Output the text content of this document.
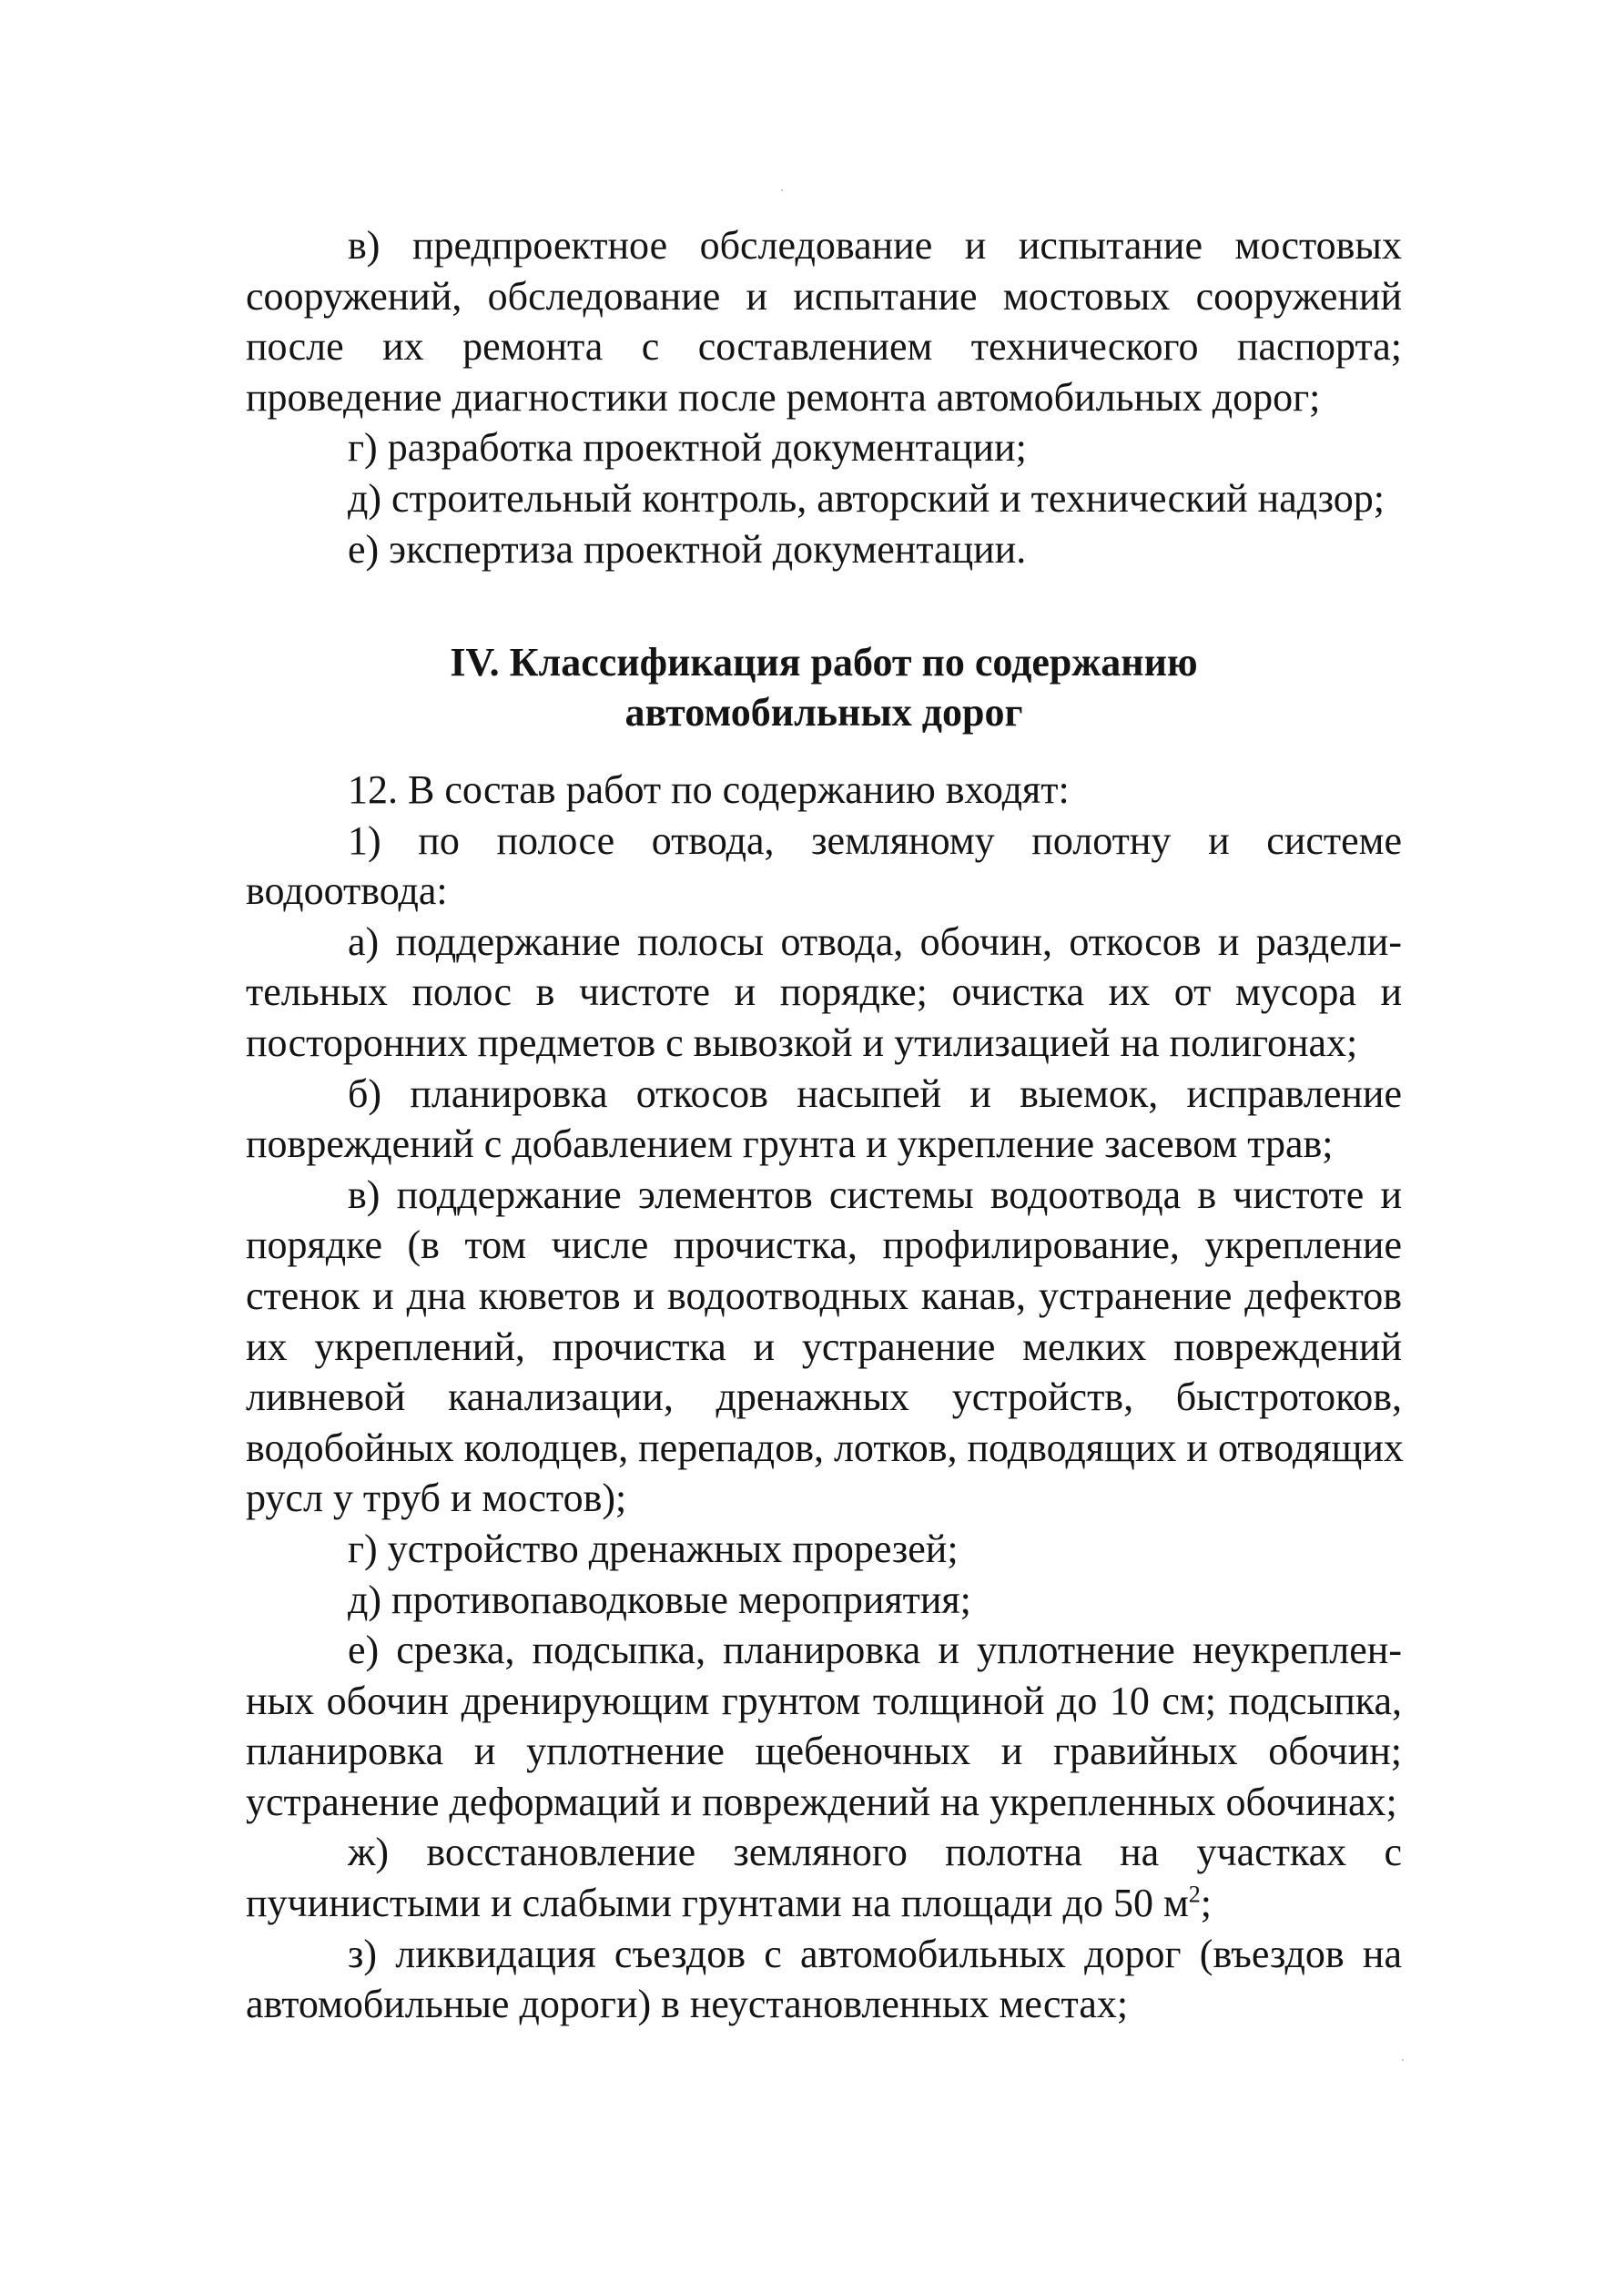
в) предпроектное обследование и испытание мостовых
сооружений, обследование и испытание мостовых сооружений
после их ремонта с составлением технического паспорта;
проведение диагностики после ремонта автомобильных дорог;
г) разработка проектной документации;
д) строительный контроль, авторский и технический надзор;
е) экспертиза проектной документации.
IV. Классификация работ по содержанию
автомобильных дорог
12. В состав работ по содержанию входят:
1) по полосе отвода, земляному полотну и системе
водоотвода:
а) поддержание полосы отвода, обочин, откосов и раздели-
тельных полос в чистоте и порядке; очистка их от мусора и
посторонних предметов с вывозкой и утилизацией на полигонах;
б) планировка откосов насыпей и выемок, исправление
повреждений с добавлением грунта и укрепление засевом трав;
в) поддержание элементов системы водоотвода в чистоте и
порядке (в том числе прочистка, профилирование, укрепление
стенок и дна кюветов и водоотводных канав, устранение дефектов
их укреплений, прочистка и устранение мелких повреждений
ливневой канализации, дренажных устройств, быстротоков,
водобойных колодцев, перепадов, лотков, подводящих и отводящих
русл у труб и мостов);
г) устройство дренажных прорезей;
д) противопаводковые мероприятия;
е) срезка, подсыпка, планировка и уплотнение неукреплен-
ных обочин дренирующим грунтом толщиной до 10 см; подсыпка,
планировка и уплотнение щебеночных и гравийных обочин;
устранение деформаций и повреждений на укрепленных обочинах;
ж) восстановление земляного полотна на участках с
пучинистыми и слабыми грунтами на площади до 50 $м^2$;
з) ликвидация съездов с автомобильных дорог (въездов на
автомобильные дороги) в неустановленных местах;
